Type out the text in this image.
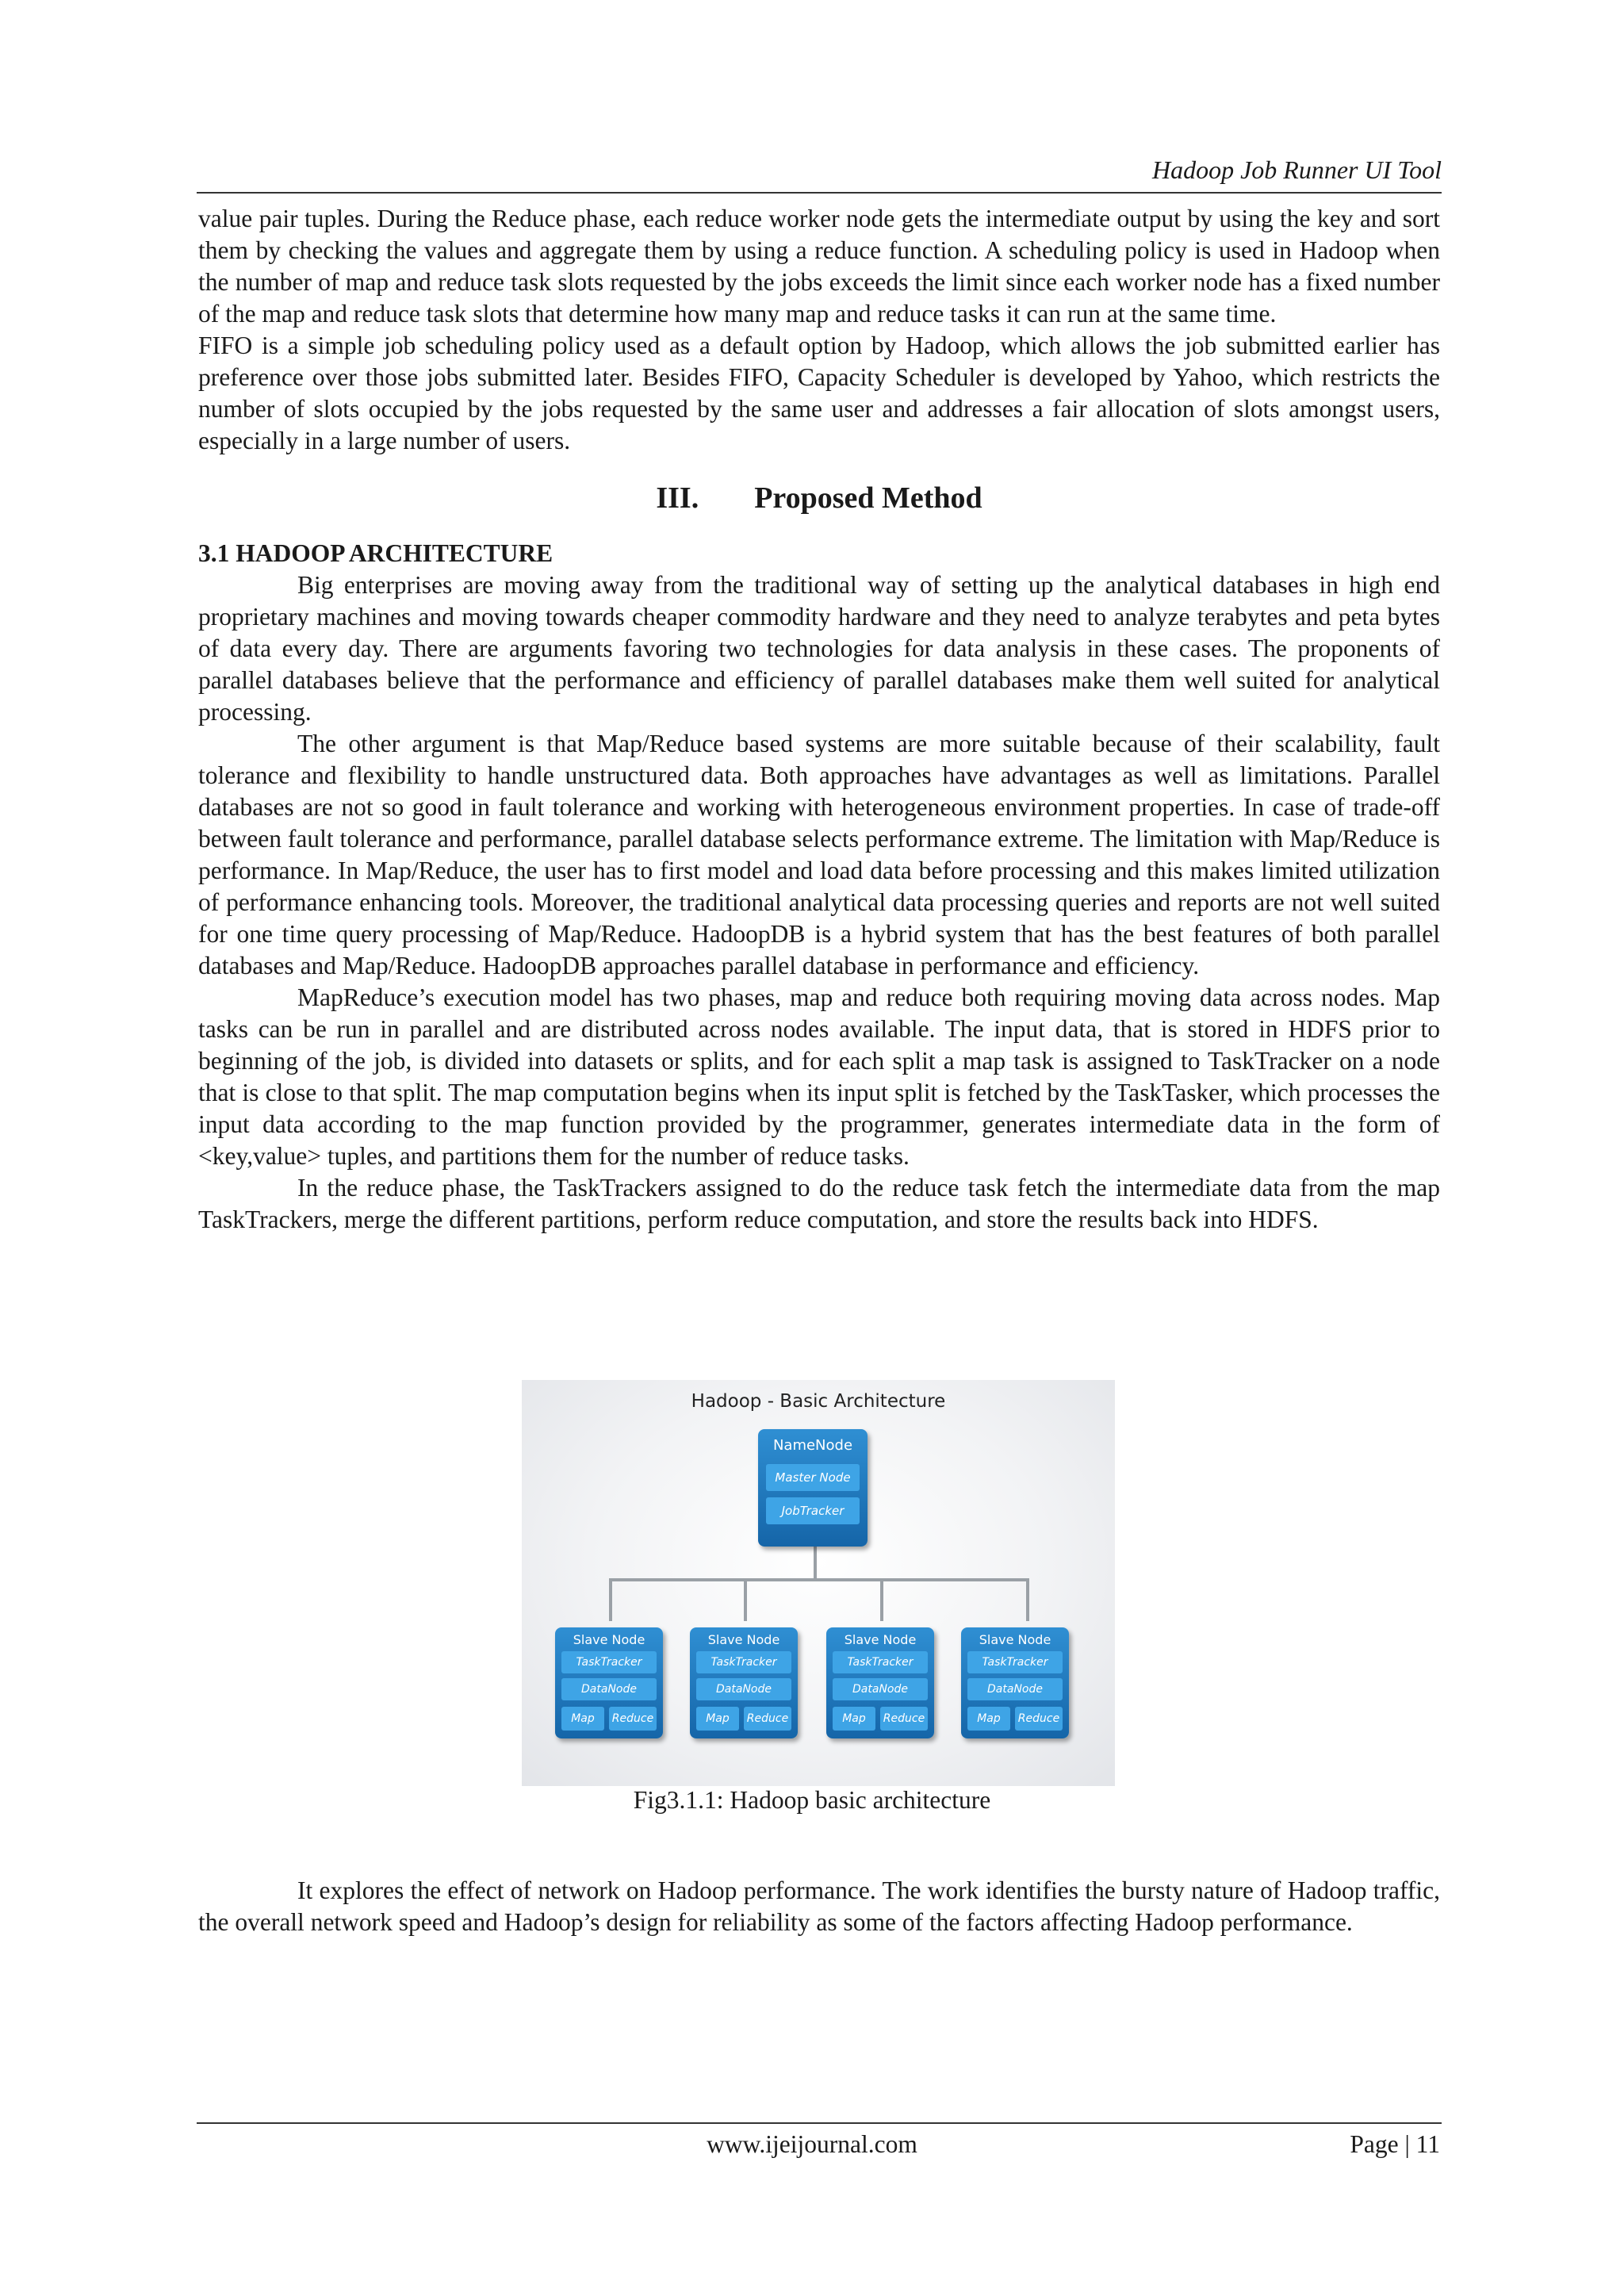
Hadoop Job Runner UI Tool

value pair tuples. During the Reduce phase, each reduce worker node gets the intermediate output by using the key and sort them by checking the values and aggregate them by using a reduce function. A scheduling policy is used in Hadoop when the number of map and reduce task slots requested by the jobs exceeds the limit since each worker node has a fixed number of the map and reduce task slots that determine how many map and reduce tasks it can run at the same time.

FIFO is a simple job scheduling policy used as a default option by Hadoop, which allows the job submitted earlier has preference over those jobs submitted later. Besides FIFO, Capacity Scheduler is developed by Yahoo, which restricts the number of slots occupied by the jobs requested by the same user and addresses a fair allocation of slots amongst users, especially in a large number of users.

III. Proposed Method
3.1 HADOOP ARCHITECTURE

Big enterprises are moving away from the traditional way of setting up the analytical databases in high end proprietary machines and moving towards cheaper commodity hardware and they need to analyze terabytes and peta bytes of data every day. There are arguments favoring two technologies for data analysis in these cases. The proponents of parallel databases believe that the performance and efficiency of parallel databases make them well suited for analytical processing.

The other argument is that Map/Reduce based systems are more suitable because of their scalability, fault tolerance and flexibility to handle unstructured data. Both approaches have advantages as well as limitations. Parallel databases are not so good in fault tolerance and working with heterogeneous environment properties. In case of trade-off between fault tolerance and performance, parallel database selects performance extreme. The limitation with Map/Reduce is performance. In Map/Reduce, the user has to first model and load data before processing and this makes limited utilization of performance enhancing tools. Moreover, the traditional analytical data processing queries and reports are not well suited for one time query processing of Map/Reduce. HadoopDB is a hybrid system that has the best features of both parallel databases and Map/Reduce. HadoopDB approaches parallel database in performance and efficiency.

MapReduce’s execution model has two phases, map and reduce both requiring moving data across nodes. Map tasks can be run in parallel and are distributed across nodes available. The input data, that is stored in HDFS prior to beginning of the job, is divided into datasets or splits, and for each split a map task is assigned to TaskTracker on a node that is close to that split. The map computation begins when its input split is fetched by the TaskTasker, which processes the input data according to the map function provided by the programmer, generates intermediate data in the form of <key,value> tuples, and partitions them for the number of reduce tasks.

In the reduce phase, the TaskTrackers assigned to do the reduce task fetch the intermediate data from the map TaskTrackers, merge the different partitions, perform reduce computation, and store the results back into HDFS.

Hadoop - Basic Architecture
NameNode
Master Node
JobTracker
Slave Node
TaskTracker
DataNode
Map	Reduce
Slave Node
TaskTracker
DataNode
Map	Reduce
Slave Node
TaskTracker
DataNode
Map	Reduce
Slave Node
TaskTracker
DataNode
Map	Reduce
Fig3.1.1: Hadoop basic architecture

It explores the effect of network on Hadoop performance. The work identifies the bursty nature of Hadoop traffic, the overall network speed and Hadoop’s design for reliability as some of the factors affecting Hadoop performance.

www.ijeijournal.com	Page | 11
